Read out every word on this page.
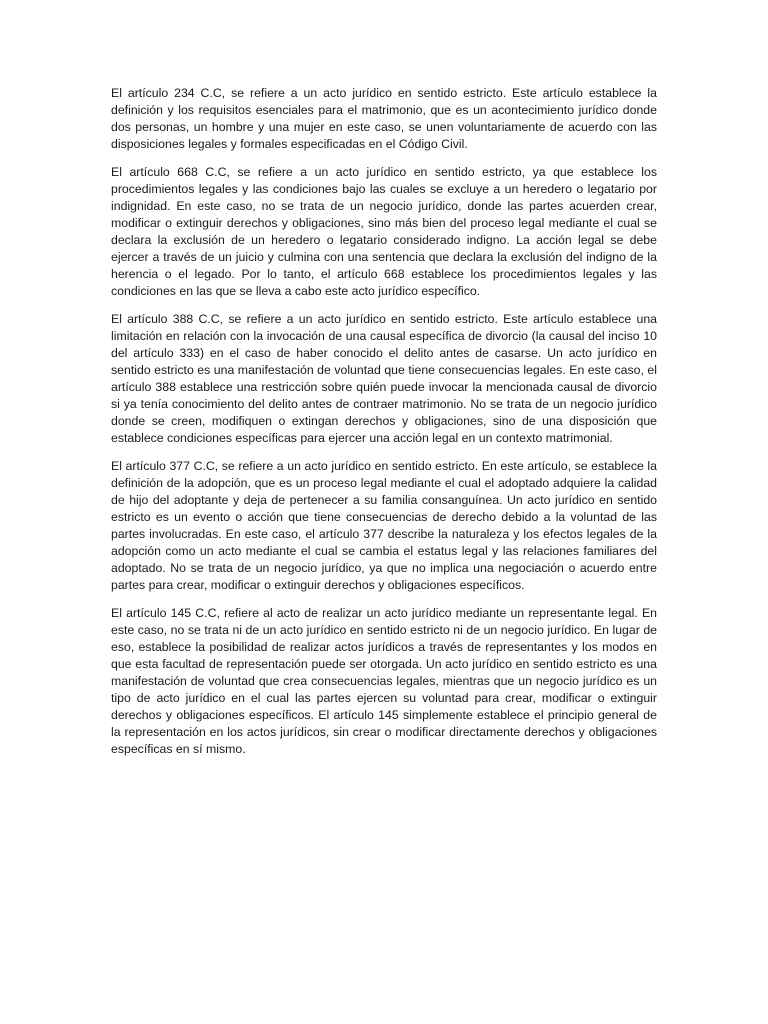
El artículo 234 C.C, se refiere a un acto jurídico en sentido estricto. Este artículo establece la definición y los requisitos esenciales para el matrimonio, que es un acontecimiento jurídico donde dos personas, un hombre y una mujer en este caso, se unen voluntariamente de acuerdo con las disposiciones legales y formales especificadas en el Código Civil.

El artículo 668 C.C, se refiere a un acto jurídico en sentido estricto, ya que establece los procedimientos legales y las condiciones bajo las cuales se excluye a un heredero o legatario por indignidad. En este caso, no se trata de un negocio jurídico, donde las partes acuerden crear, modificar o extinguir derechos y obligaciones, sino más bien del proceso legal mediante el cual se declara la exclusión de un heredero o legatario considerado indigno. La acción legal se debe ejercer a través de un juicio y culmina con una sentencia que declara la exclusión del indigno de la herencia o el legado. Por lo tanto, el artículo 668 establece los procedimientos legales y las condiciones en las que se lleva a cabo este acto jurídico específico.

El artículo 388 C.C, se refiere a un acto jurídico en sentido estricto. Este artículo establece una limitación en relación con la invocación de una causal específica de divorcio (la causal del inciso 10 del artículo 333) en el caso de haber conocido el delito antes de casarse. Un acto jurídico en sentido estricto es una manifestación de voluntad que tiene consecuencias legales. En este caso, el artículo 388 establece una restricción sobre quién puede invocar la mencionada causal de divorcio si ya tenía conocimiento del delito antes de contraer matrimonio. No se trata de un negocio jurídico donde se creen, modifiquen o extingan derechos y obligaciones, sino de una disposición que establece condiciones específicas para ejercer una acción legal en un contexto matrimonial.

El artículo 377 C.C, se refiere a un acto jurídico en sentido estricto. En este artículo, se establece la definición de la adopción, que es un proceso legal mediante el cual el adoptado adquiere la calidad de hijo del adoptante y deja de pertenecer a su familia consanguínea. Un acto jurídico en sentido estricto es un evento o acción que tiene consecuencias de derecho debido a la voluntad de las partes involucradas. En este caso, el artículo 377 describe la naturaleza y los efectos legales de la adopción como un acto mediante el cual se cambia el estatus legal y las relaciones familiares del adoptado. No se trata de un negocio jurídico, ya que no implica una negociación o acuerdo entre partes para crear, modificar o extinguir derechos y obligaciones específicos.

El artículo 145 C.C, refiere al acto de realizar un acto jurídico mediante un representante legal. En este caso, no se trata ni de un acto jurídico en sentido estricto ni de un negocio jurídico. En lugar de eso, establece la posibilidad de realizar actos jurídicos a través de representantes y los modos en que esta facultad de representación puede ser otorgada. Un acto jurídico en sentido estricto es una manifestación de voluntad que crea consecuencias legales, mientras que un negocio jurídico es un tipo de acto jurídico en el cual las partes ejercen su voluntad para crear, modificar o extinguir derechos y obligaciones específicos. El artículo 145 simplemente establece el principio general de la representación en los actos jurídicos, sin crear o modificar directamente derechos y obligaciones específicas en sí mismo.
